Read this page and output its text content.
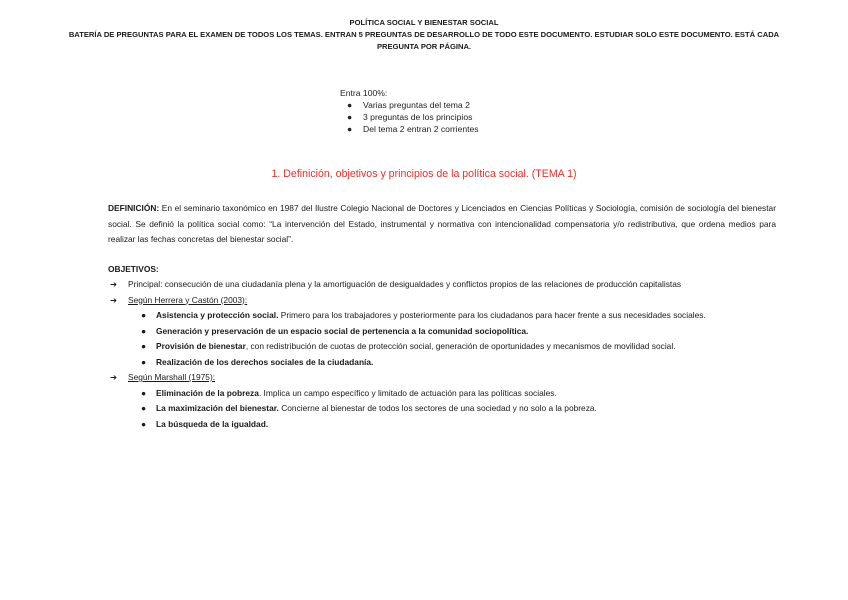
POLÍTICA SOCIAL Y BIENESTAR SOCIAL
BATERÍA DE PREGUNTAS PARA EL EXAMEN DE TODOS LOS TEMAS. ENTRAN 5 PREGUNTAS DE DESARROLLO DE TODO ESTE DOCUMENTO. ESTUDIAR SOLO ESTE DOCUMENTO. ESTÁ CADA PREGUNTA POR PÁGINA.
Entra 100%:
● Varias preguntas del tema 2
● 3 preguntas de los principios
● Del tema 2 entran 2 corrientes
1. Definición, objetivos y principios de la política social. (TEMA 1)
DEFINICIÓN: En el seminario taxonómico en 1987 del Ilustre Colegio Nacional de Doctores y Licenciados en Ciencias Políticas y Sociología, comisión de sociología del bienestar social. Se definió la política social como: “La intervención del Estado, instrumental y normativa con intencionalidad compensatoria y/o redistributiva, que ordena medios para realizar las fechas concretas del bienestar social”.
OBJETIVOS:
➔ Principal: consecución de una ciudadanía plena y la amortiguación de desigualdades y conflictos propios de las relaciones de producción capitalistas
➔ Según Herrera y Castón (2003):
● Asistencia y protección social. Primero para los trabajadores y posteriormente para los ciudadanos para hacer frente a sus necesidades sociales.
● Generación y preservación de un espacio social de pertenencia a la comunidad sociopolítica.
● Provisión de bienestar, con redistribución de cuotas de protección social, generación de oportunidades y mecanismos de movilidad social.
● Realización de los derechos sociales de la ciudadanía.
➔ Según Marshall (1975):
● Eliminación de la pobreza. Implica un campo específico y limitado de actuación para las políticas sociales.
● La maximización del bienestar. Concierne al bienestar de todos los sectores de una sociedad y no solo a la pobreza.
● La búsqueda de la igualdad.
